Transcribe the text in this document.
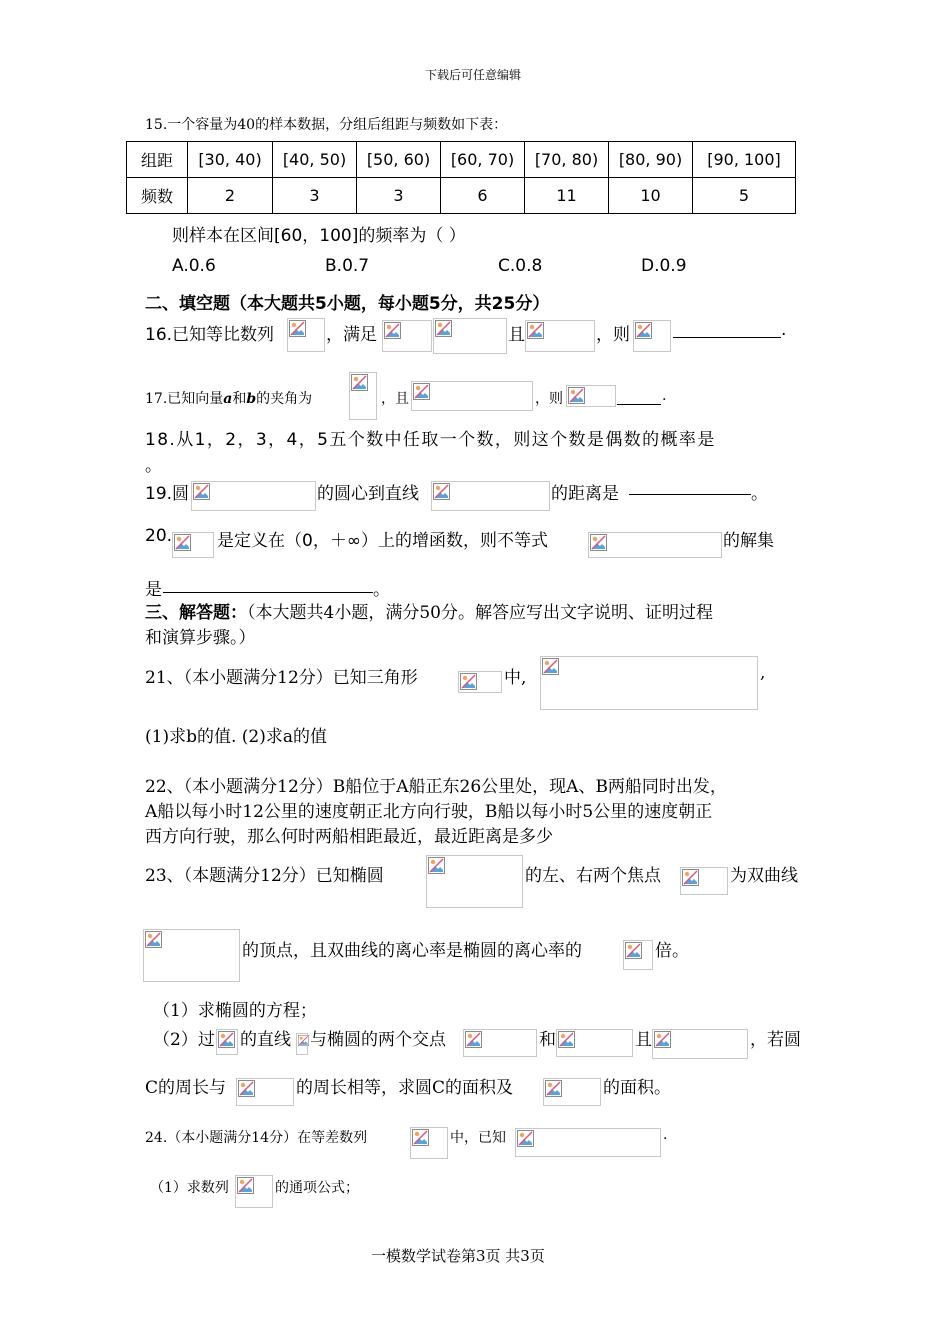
下载后可任意编辑
15.一个容量为40的样本数据，分组后组距与频数如下表：
组距	[30, 40)	[40, 50)	[50, 60)	[60, 70)	[70, 80)	[80, 90)	[90, 100]
频数	2	3	3	6	11	10	5
则样本在区间[60，100]的频率为（ ）
A.0.6	B.0.7	C.0.8	D.0.9
二、填空题（本大题共5小题，每小题5分，共25分）
16.已知等比数列	，满足	且	，则	.
17.已知向量a和b的夹角为	，且	，则	.
18.从1，2，3，4，5五个数中任取一个数，则这个数是偶数的概率是
。
19.圆	的圆心到直线	的距离是	。
20.	是定义在（0，＋∞）上的增函数，则不等式	的解集
是	。
三、解答题：（本大题共4小题，满分50分。解答应写出文字说明、证明过程
和演算步骤。）
21、（本小题满分12分）已知三角形	中,	,
(1)求b的值. (2)求a的值
22、（本小题满分12分）B船位于A船正东26公里处，现A、B两船同时出发，
A船以每小时12公里的速度朝正北方向行驶，B船以每小时5公里的速度朝正
西方向行驶，那么何时两船相距最近，最近距离是多少
23、（本题满分12分）已知椭圆	的左、右两个焦点	为双曲线
的顶点，且双曲线的离心率是椭圆的离心率的	倍。
（1）求椭圆的方程；
（2）过 的直线 与椭圆的两个交点	和	且	，若圆
C的周长与	的周长相等，求圆C的面积及	的面积。
24.（本小题满分14分）在等差数列	中，已知	.
（1）求数列	的通项公式；
一模数学试卷第3页 共3页
